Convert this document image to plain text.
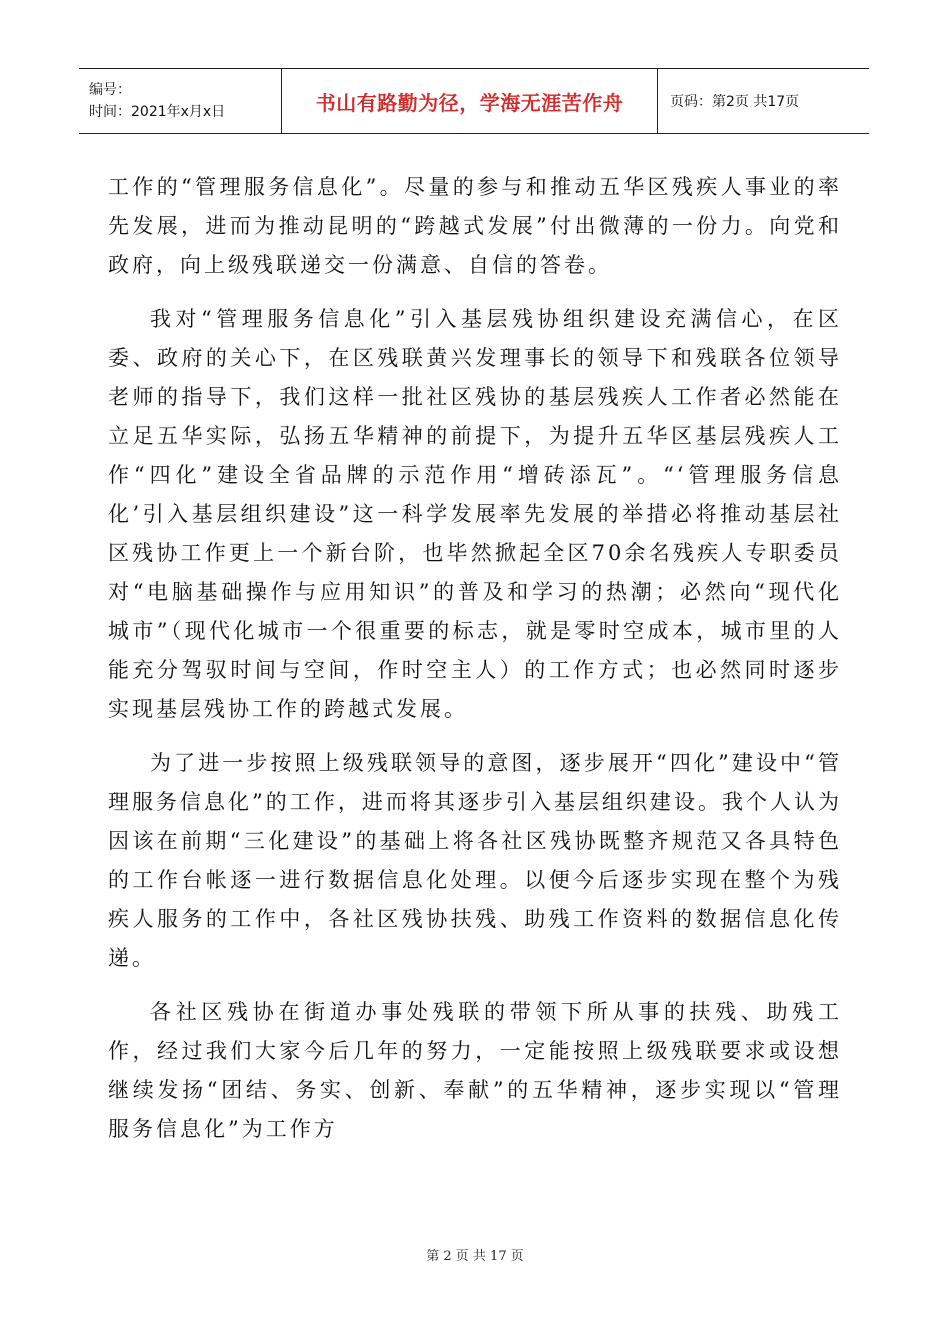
编号：
时间：2021年x月x日	书山有路勤为径，学海无涯苦作舟	页码：第2页 共17页

工作的“管理服务信息化”。尽量的参与和推动五华区残疾人事业的率先发展，进而为推动昆明的“跨越式发展”付出微薄的一份力。向党和政府，向上级残联递交一份满意、自信的答卷。

我对“管理服务信息化”引入基层残协组织建设充满信心，在区委、政府的关心下，在区残联黄兴发理事长的领导下和残联各位领导老师的指导下，我们这样一批社区残协的基层残疾人工作者必然能在立足五华实际，弘扬五华精神的前提下，为提升五华区基层残疾人工作“四化”建设全省品牌的示范作用“增砖添瓦”。“‘管理服务信息化’引入基层组织建设”这一科学发展率先发展的举措必将推动基层社区残协工作更上一个新台阶，也毕然掀起全区70余名残疾人专职委员对“电脑基础操作与应用知识”的普及和学习的热潮；必然向“现代化城市”（现代化城市一个很重要的标志，就是零时空成本，城市里的人能充分驾驭时间与空间，作时空主人）的工作方式；也必然同时逐步实现基层残协工作的跨越式发展。

为了进一步按照上级残联领导的意图，逐步展开“四化”建设中“管理服务信息化”的工作，进而将其逐步引入基层组织建设。我个人认为因该在前期“三化建设”的基础上将各社区残协既整齐规范又各具特色的工作台帐逐一进行数据信息化处理。以便今后逐步实现在整个为残疾人服务的工作中，各社区残协扶残、助残工作资料的数据信息化传递。

各社区残协在街道办事处残联的带领下所从事的扶残、助残工作，经过我们大家今后几年的努力，一定能按照上级残联要求或设想继续发扬“团结、务实、创新、奉献”的五华精神，逐步实现以“管理服务信息化”为工作方

第 2 页 共 17 页
